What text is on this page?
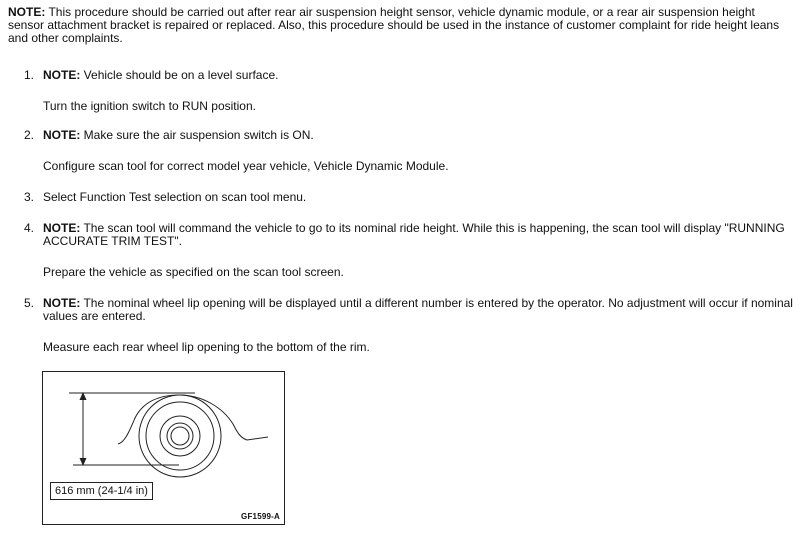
NOTE: This procedure should be carried out after rear air suspension height sensor, vehicle dynamic module, or a rear air suspension height sensor attachment bracket is repaired or replaced. Also, this procedure should be used in the instance of customer complaint for ride height leans and other complaints.

1. NOTE: Vehicle should be on a level surface.

Turn the ignition switch to RUN position.

2. NOTE: Make sure the air suspension switch is ON.

Configure scan tool for correct model year vehicle, Vehicle Dynamic Module.

3. Select Function Test selection on scan tool menu.

4. NOTE: The scan tool will command the vehicle to go to its nominal ride height. While this is happening, the scan tool will display "RUNNING ACCURATE TRIM TEST".

Prepare the vehicle as specified on the scan tool screen.

5. NOTE: The nominal wheel lip opening will be displayed until a different number is entered by the operator. No adjustment will occur if nominal values are entered.

Measure each rear wheel lip opening to the bottom of the rim.

616 mm (24-1/4 in)
GF1599-A
